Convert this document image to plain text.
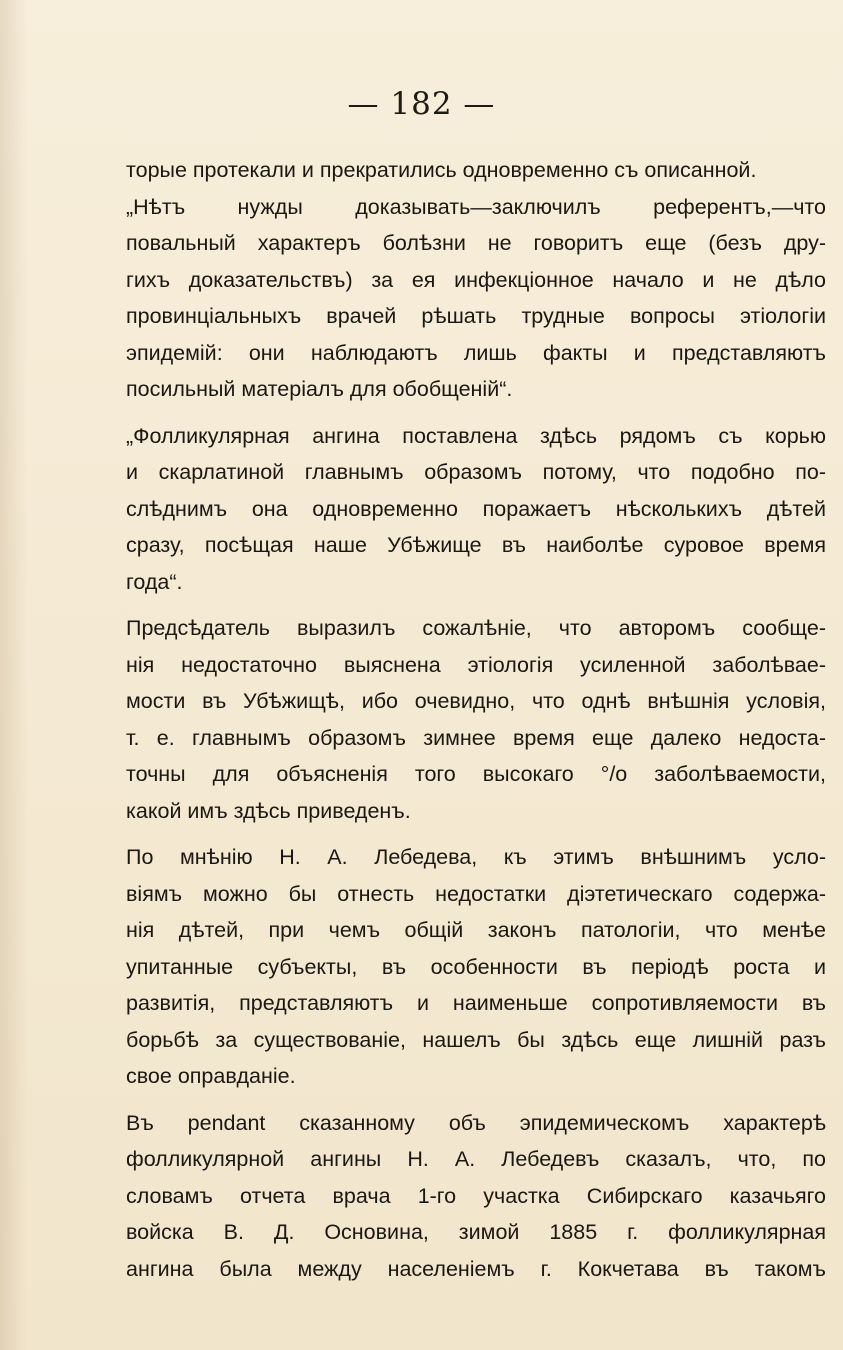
— 182 —
торые протекали и прекратились одновременно съ описанной.
„Нѣтъ нужды доказывать—заключилъ референтъ,—что
повальный характеръ болѣзни не говоритъ еще (безъ дру-
гихъ доказательствъ) за ея инфекціонное начало и не дѣло
провинціальныхъ врачей рѣшать трудные вопросы этіологіи
эпидемій: они наблюдаютъ лишь факты и представляютъ
посильный матеріалъ для обобщеній“.
„Фолликулярная ангина поставлена здѣсь рядомъ съ корью
и скарлатиной главнымъ образомъ потому, что подобно по-
слѣднимъ она одновременно поражаетъ нѣсколькихъ дѣтей
сразу, посѣщая наше Убѣжище въ наиболѣе суровое время
года“.
Предсѣдатель выразилъ сожалѣніе, что авторомъ сообще-
нія недостаточно выяснена этіологія усиленной заболѣвае-
мости въ Убѣжищѣ, ибо очевидно, что однѣ внѣшнія условія,
т. е. главнымъ образомъ зимнее время еще далеко недоста-
точны для объясненія того высокаго °/о заболѣваемости,
какой имъ здѣсь приведенъ.
По мнѣнію Н. А. Лебедева, къ этимъ внѣшнимъ усло-
віямъ можно бы отнесть недостатки діэтетическаго содержа-
нія дѣтей, при чемъ общій законъ патологіи, что менѣе
упитанные субъекты, въ особенности въ періодѣ роста и
развитія, представляютъ и наименьше сопротивляемости въ
борьбѣ за существованіе, нашелъ бы здѣсь еще лишній разъ
свое оправданіе.
Въ pendant сказанному объ эпидемическомъ характерѣ
фолликулярной ангины Н. А. Лебедевъ сказалъ, что, по
словамъ отчета врача 1-го участка Сибирскаго казачьяго
войска В. Д. Основина, зимой 1885 г. фолликулярная
ангина была между населеніемъ г. Кокчетава въ такомъ
